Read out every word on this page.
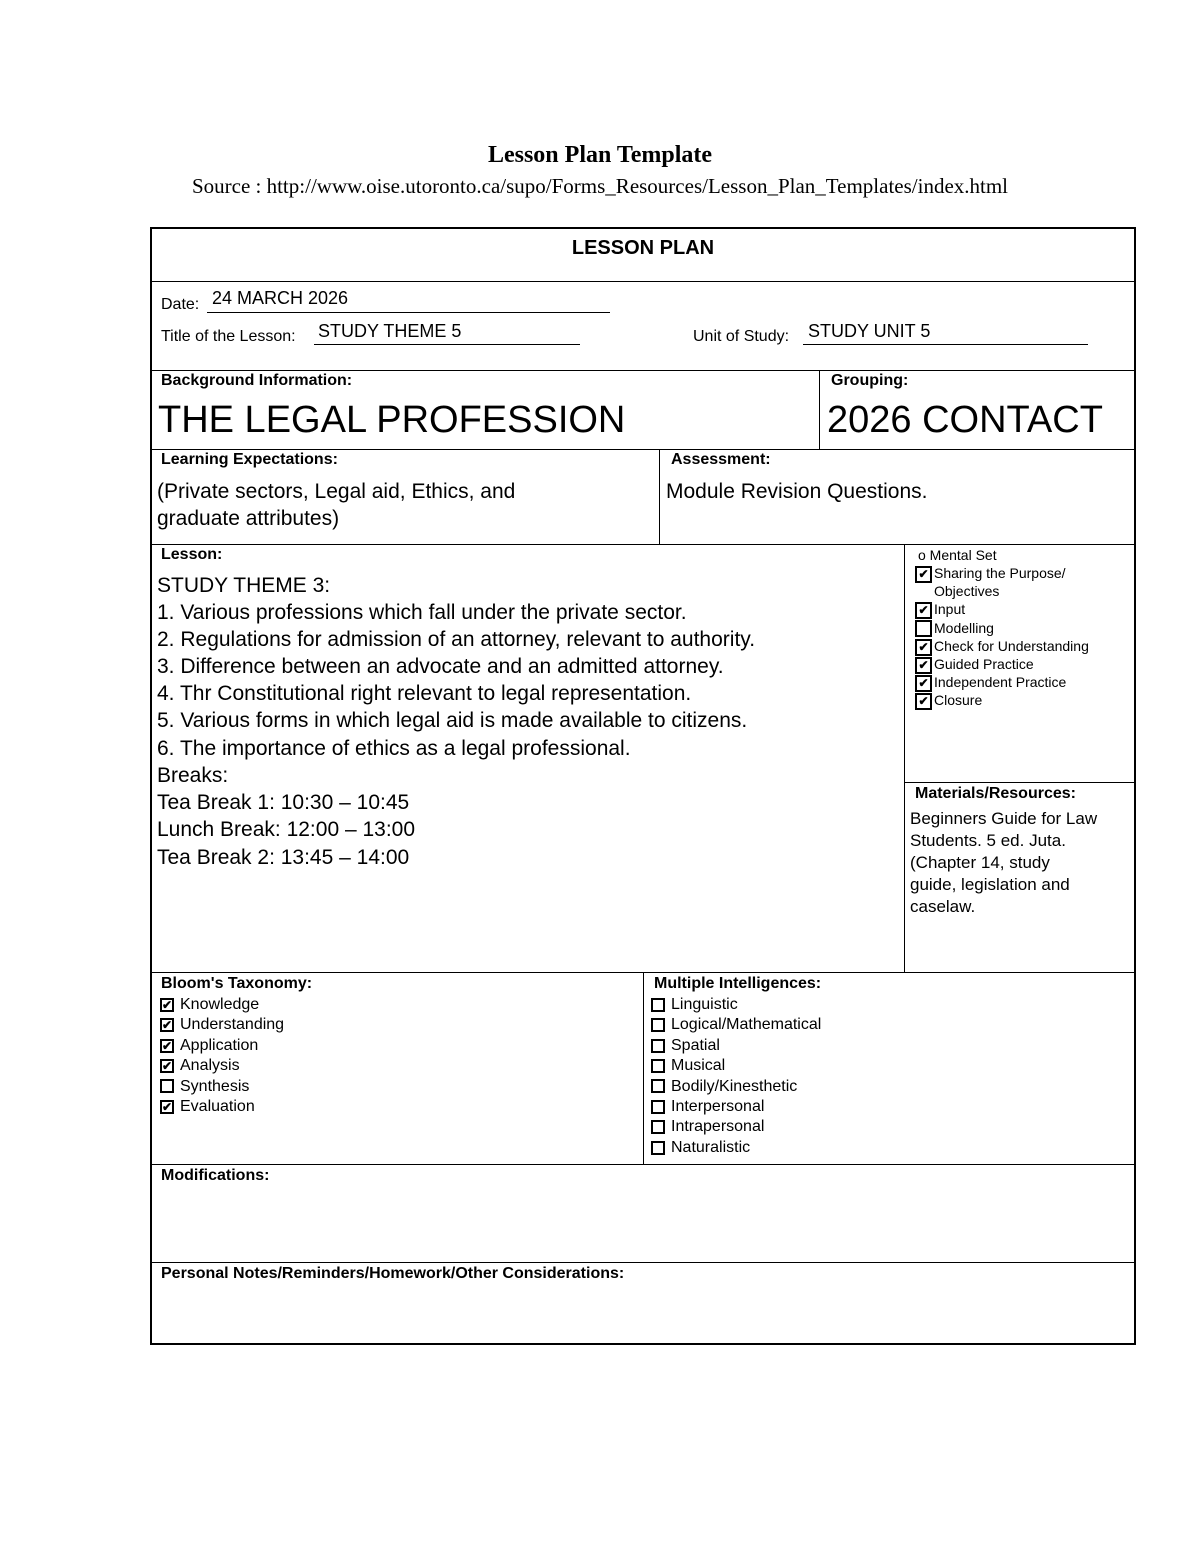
Lesson Plan Template
Source : http://www.oise.utoronto.ca/supo/Forms_Resources/Lesson_Plan_Templates/index.html
LESSON PLAN
Date: 24 MARCH 2026
Title of the Lesson: STUDY THEME 5	Unit of Study: STUDY UNIT 5
Background Information:
THE LEGAL PROFESSION
Grouping:
2026 CONTACT
Learning Expectations:
(Private sectors, Legal aid, Ethics, and
graduate attributes)
Assessment:
Module Revision Questions.
Lesson:
STUDY THEME 3:
1. Various professions which fall under the private sector.
2. Regulations for admission of an attorney, relevant to authority.
3. Difference between an advocate and an admitted attorney.
4. Thr Constitutional right relevant to legal representation.
5. Various forms in which legal aid is made available to citizens.
6. The importance of ethics as a legal professional.
Breaks:
Tea Break 1: 10:30 – 10:45
Lunch Break: 12:00 – 13:00
Tea Break 2: 13:45 – 14:00
o Mental Set
✔ Sharing the Purpose/
Objectives
✔ Input
Modelling
✔ Check for Understanding
✔ Guided Practice
✔ Independent Practice
✔ Closure
Materials/Resources:
Beginners Guide for Law
Students. 5 ed. Juta.
(Chapter 14, study
guide, legislation and
caselaw.
Bloom's Taxonomy:
✔ Knowledge
✔ Understanding
✔ Application
✔ Analysis
Synthesis
✔ Evaluation
Multiple Intelligences:
Linguistic
Logical/Mathematical
Spatial
Musical
Bodily/Kinesthetic
Interpersonal
Intrapersonal
Naturalistic
Modifications:
Personal Notes/Reminders/Homework/Other Considerations:
